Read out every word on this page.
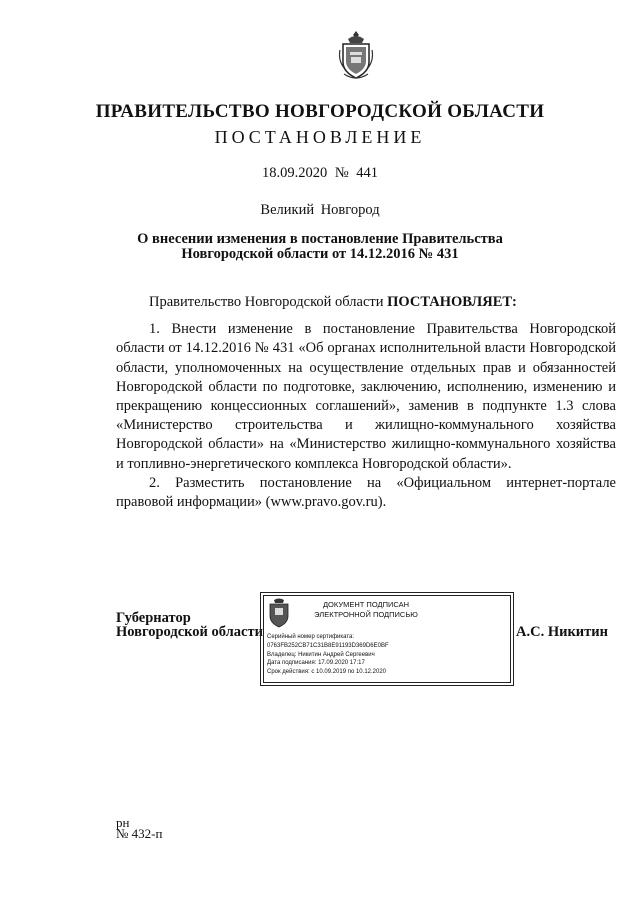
ПРАВИТЕЛЬСТВО НОВГОРОДСКОЙ ОБЛАСТИ
ПОСТАНОВЛЕНИЕ
18.09.2020 № 441
Великий Новгород
О внесении изменения в постановление Правительства
Новгородской области от 14.12.2016 № 431

Правительство Новгородской области ПОСТАНОВЛЯЕТ:

1. Внести изменение в постановление Правительства Новгородской области от 14.12.2016 № 431 «Об органах исполнительной власти Новгородской области, уполномоченных на осуществление отдельных прав и обязанностей Новгородской области по подготовке, заключению, исполнению, изменению и прекращению концессионных соглашений», заменив в подпункте 1.3 слова «Министерство строительства и жилищно-коммунального хозяйства Новгородской области» на «Министерство жилищно-коммунального хозяйства и топливно-энергетического комплекса Новгородской области».

2. Разместить постановление на «Официальном интернет-портале правовой информации» (www.pravo.gov.ru).

Губернатор
Новгородской области
ДОКУМЕНТ ПОДПИСАН
ЭЛЕКТРОННОЙ ПОДПИСЬЮ
Серийный номер сертификата:
0763FB252CB71C31B8E91193D369D6E0BF
Владелец: Никитин Андрей Сергеевич
Дата подписания: 17.09.2020 17:17
Срок действия: с 10.09.2019 по 10.12.2020
А.С. Никитин
рн
№ 432-п
